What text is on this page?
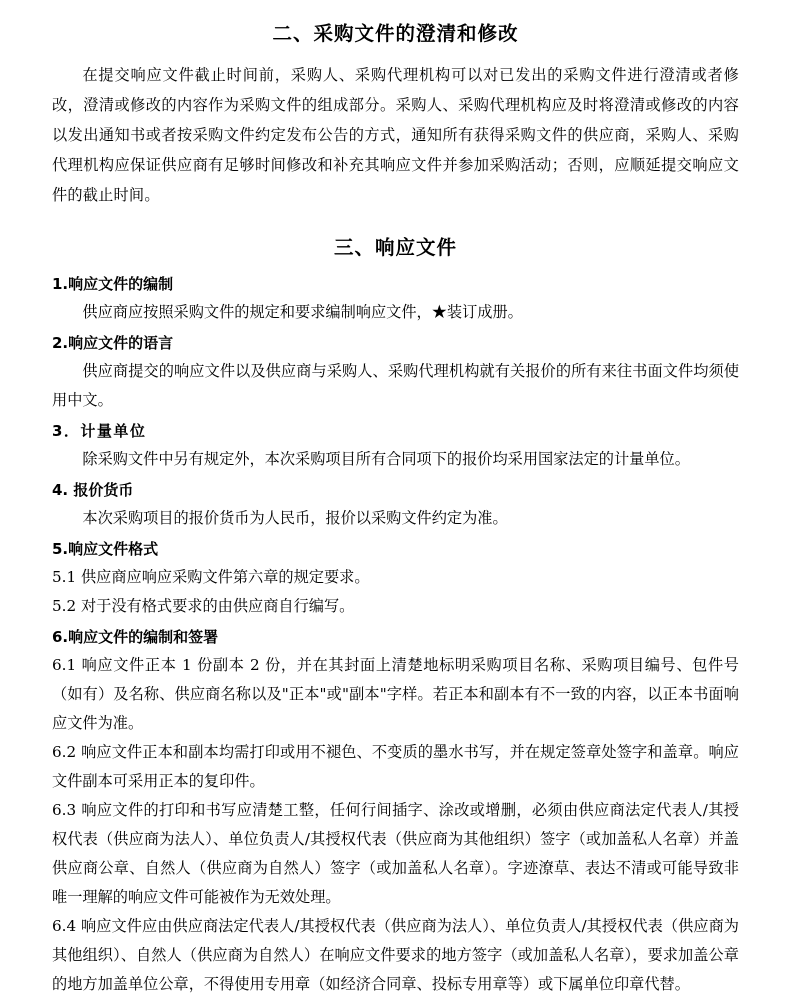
二、采购文件的澄清和修改

在提交响应文件截止时间前，采购人、采购代理机构可以对已发出的采购文件进行澄清或者修改，澄清或修改的内容作为采购文件的组成部分。采购人、采购代理机构应及时将澄清或修改的内容以发出通知书或者按采购文件约定发布公告的方式，通知所有获得采购文件的供应商，采购人、采购代理机构应保证供应商有足够时间修改和补充其响应文件并参加采购活动；否则，应顺延提交响应文件的截止时间。

三、响应文件
1.响应文件的编制

供应商应按照采购文件的规定和要求编制响应文件，★装订成册。

2.响应文件的语言

供应商提交的响应文件以及供应商与采购人、采购代理机构就有关报价的所有来往书面文件均须使用中文。

3．计量单位

除采购文件中另有规定外，本次采购项目所有合同项下的报价均采用国家法定的计量单位。

4. 报价货币

本次采购项目的报价货币为人民币，报价以采购文件约定为准。

5.响应文件格式

5.1 供应商应响应采购文件第六章的规定要求。

5.2 对于没有格式要求的由供应商自行编写。

6.响应文件的编制和签署

6.1 响应文件正本 1 份副本 2 份，并在其封面上清楚地标明采购项目名称、采购项目编号、包件号（如有）及名称、供应商名称以及"正本"或"副本"字样。若正本和副本有不一致的内容，以正本书面响应文件为准。

6.2 响应文件正本和副本均需打印或用不褪色、不变质的墨水书写，并在规定签章处签字和盖章。响应文件副本可采用正本的复印件。

6.3 响应文件的打印和书写应清楚工整，任何行间插字、涂改或增删，必须由供应商法定代表人/其授权代表（供应商为法人）、单位负责人/其授权代表（供应商为其他组织）签字（或加盖私人名章）并盖供应商公章、自然人（供应商为自然人）签字（或加盖私人名章）。字迹潦草、表达不清或可能导致非唯一理解的响应文件可能被作为无效处理。

6.4 响应文件应由供应商法定代表人/其授权代表（供应商为法人）、单位负责人/其授权代表（供应商为其他组织）、自然人（供应商为自然人）在响应文件要求的地方签字（或加盖私人名章），要求加盖公章的地方加盖单位公章，不得使用专用章（如经济合同章、投标专用章等）或下属单位印章代替。
